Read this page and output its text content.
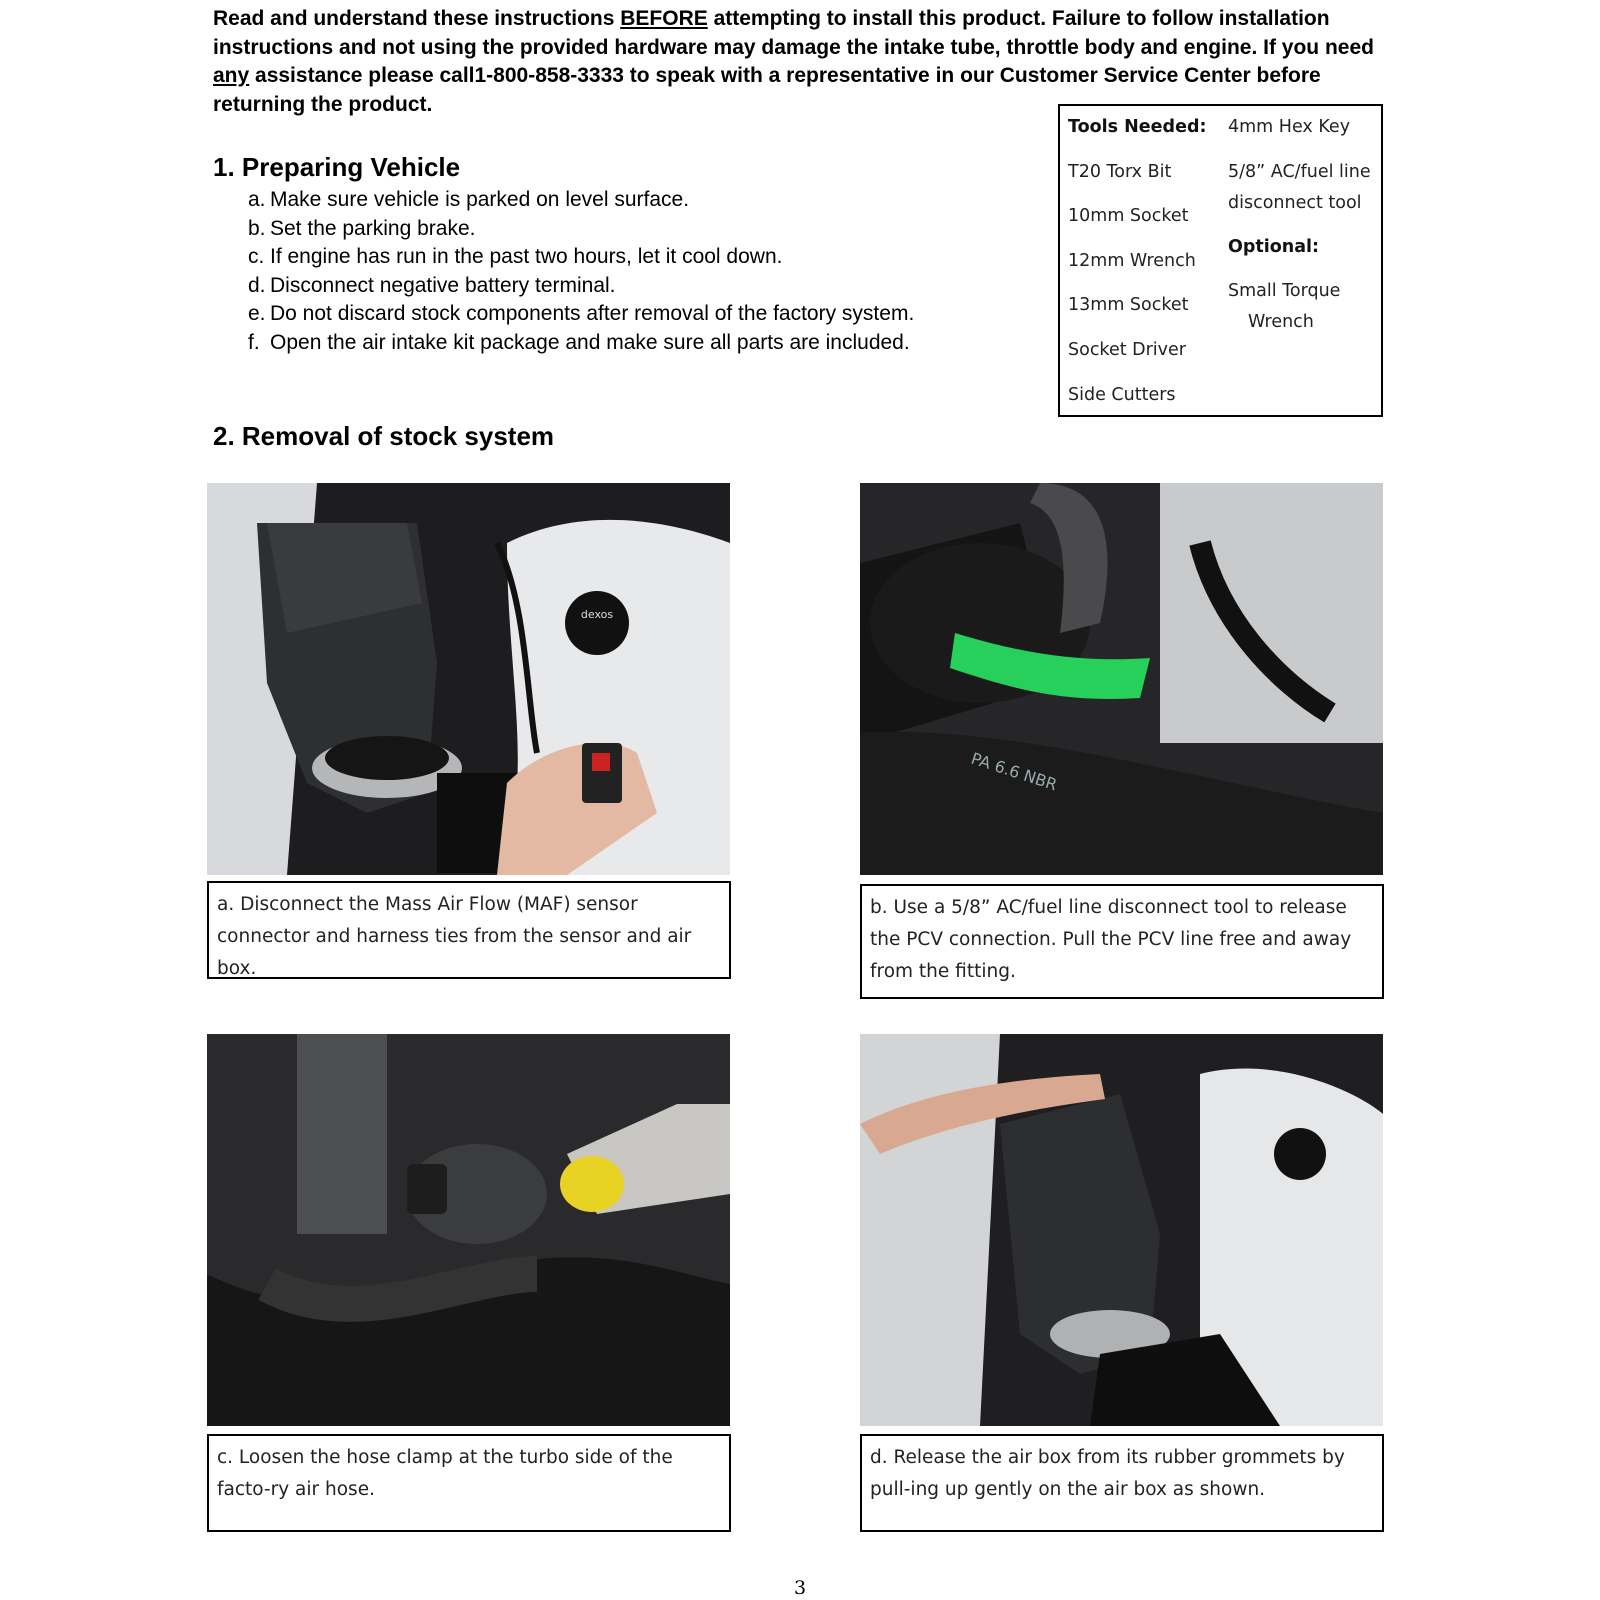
Read and understand these instructions BEFORE attempting to install this product. Failure to follow installation instructions and not using the provided hardware may damage the intake tube, throttle body and engine. If you need any assistance please call1-800-858-3333 to speak with a representative in our Customer Service Center before returning the product.
1. Preparing Vehicle
a. Make sure vehicle is parked on level surface.
b. Set the parking brake.
c. If engine has run in the past two hours, let it cool down.
d. Disconnect negative battery terminal.
e. Do not discard stock components after removal of the factory system.
f. Open the air intake kit package and make sure all parts are included.
Tools Needed:
T20 Torx Bit
10mm Socket
12mm Wrench
13mm Socket
Socket Driver
Side Cutters
4mm Hex Key
5/8” AC/fuel line
disconnect tool
Optional:
Small Torque
Wrench
2. Removal of stock system
dexos
a. Disconnect the Mass Air Flow (MAF) sensor connector and harness ties from the sensor and air box.
PA 6.6 NBR
b. Use a 5/8” AC/fuel line disconnect tool to release the PCV connection. Pull the PCV line free and away from the fitting.
c. Loosen the hose clamp at the turbo side of the facto-ry air hose.
d. Release the air box from its rubber grommets by pull-ing up gently on the air box as shown.
3
